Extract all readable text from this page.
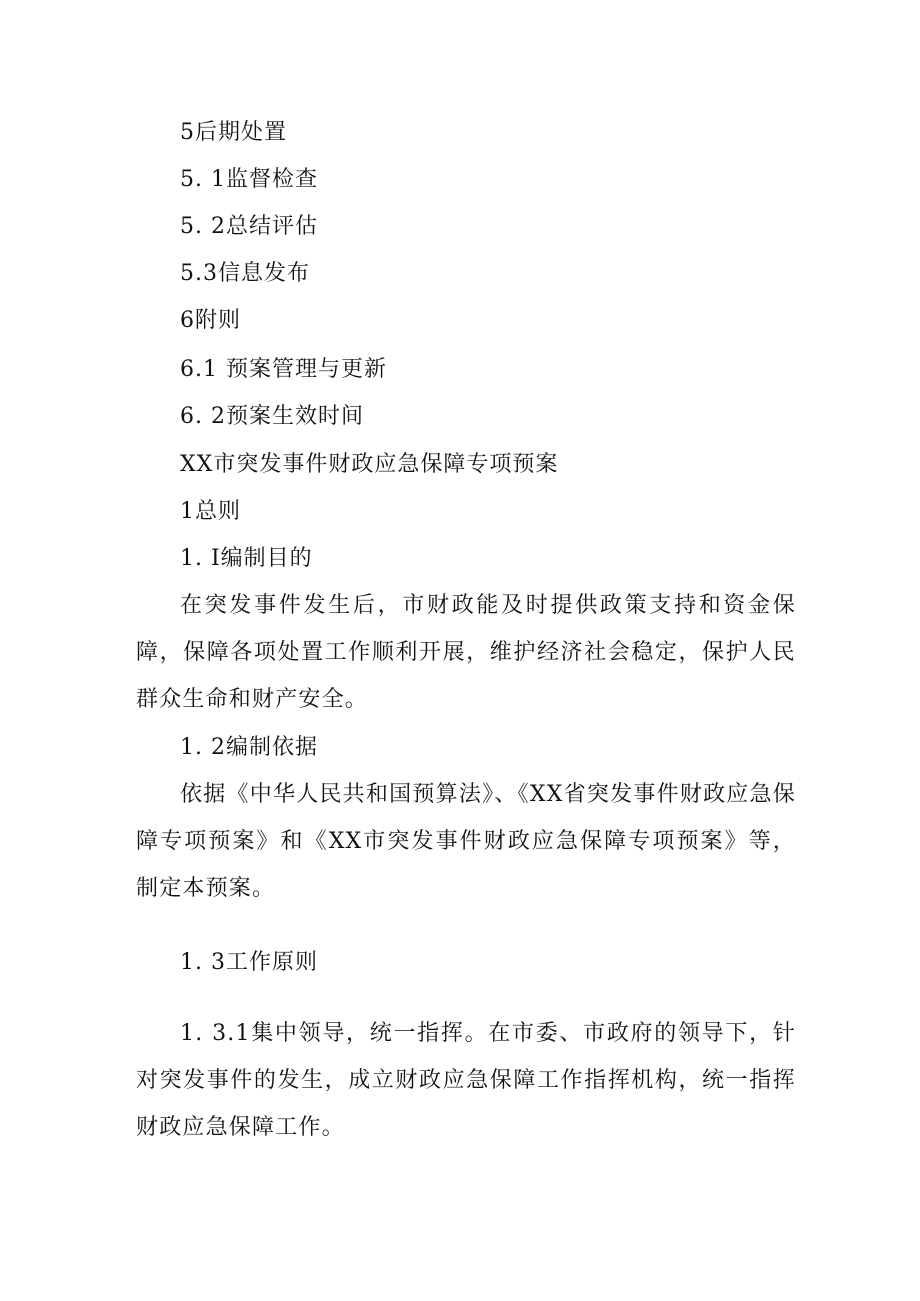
5后期处置
5. 1监督检查
5. 2总结评估
5.3信息发布
6附则
6.1 预案管理与更新
6. 2预案生效时间
XX市突发事件财政应急保障专项预案
1总则
1. I编制目的

在突发事件发生后，市财政能及时提供政策支持和资金保障，保障各项处置工作顺利开展，维护经济社会稳定，保护人民群众生命和财产安全。

1. 2编制依据

依据《中华人民共和国预算法》、《XX省突发事件财政应急保障专项预案》和《XX市突发事件财政应急保障专项预案》等，制定本预案。

1. 3工作原则

1. 3.1集中领导，统一指挥。在市委、市政府的领导下，针对突发事件的发生，成立财政应急保障工作指挥机构，统一指挥财政应急保障工作。
